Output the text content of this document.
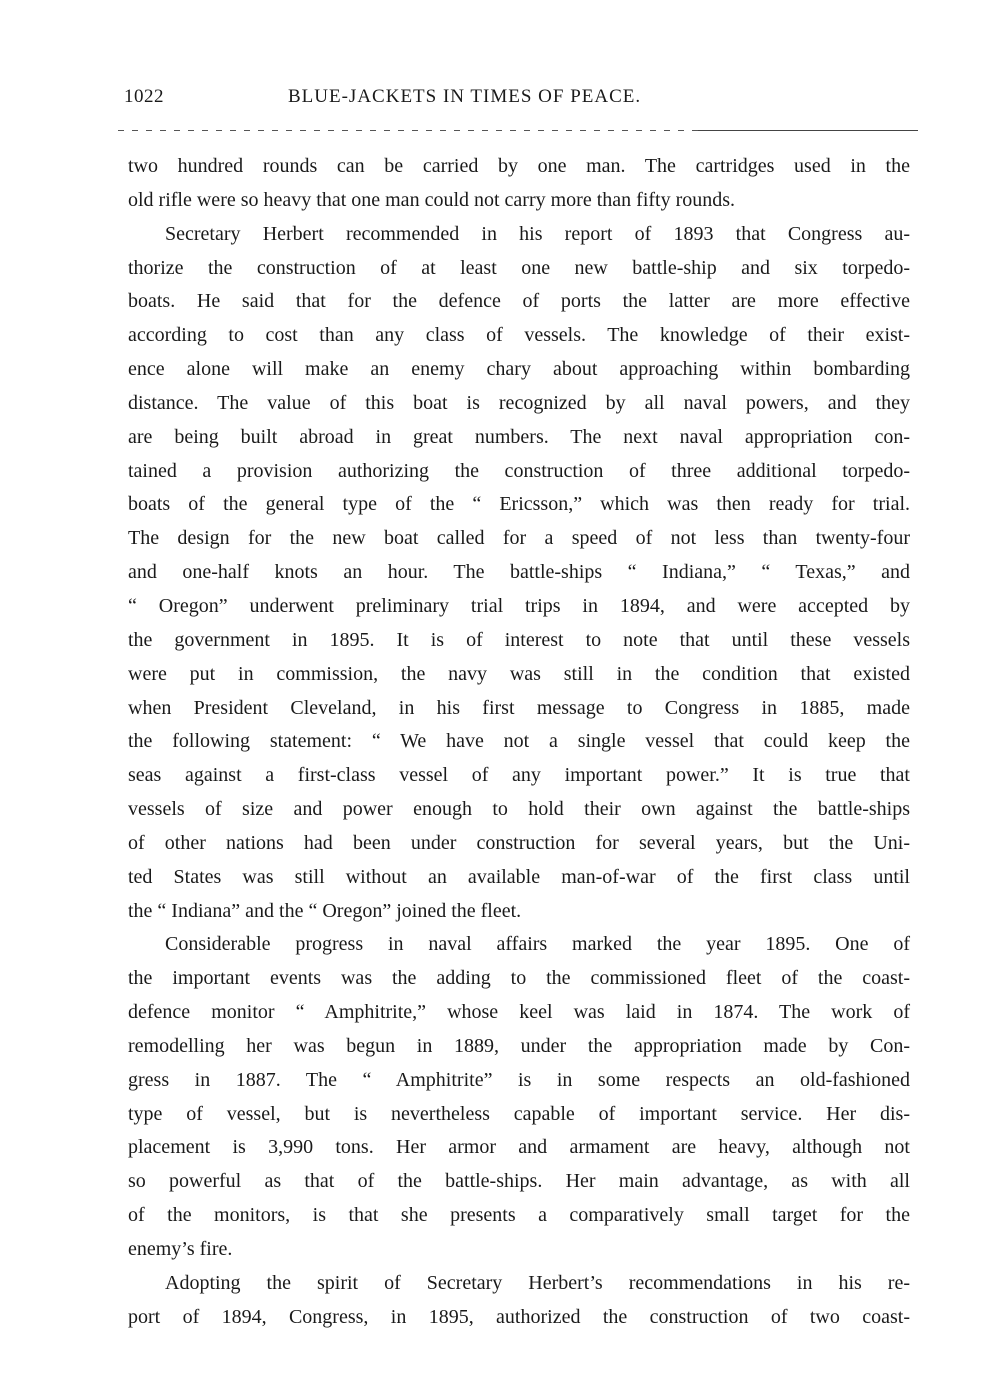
1022	BLUE-JACKETS IN TIMES OF PEACE.
two hundred rounds can be carried by one man. The cartridges used in the
old rifle were so heavy that one man could not carry more than fifty rounds.
Secretary Herbert recommended in his report of 1893 that Congress au-
thorize the construction of at least one new battle-ship and six torpedo-
boats. He said that for the defence of ports the latter are more effective
according to cost than any class of vessels. The knowledge of their exist-
ence alone will make an enemy chary about approaching within bombarding
distance. The value of this boat is recognized by all naval powers, and they
are being built abroad in great numbers. The next naval appropriation con-
tained a provision authorizing the construction of three additional torpedo-
boats of the general type of the “ Ericsson,” which was then ready for trial.
The design for the new boat called for a speed of not less than twenty-four
and one-half knots an hour. The battle-ships “ Indiana,” “ Texas,” and
“ Oregon” underwent preliminary trial trips in 1894, and were accepted by
the government in 1895. It is of interest to note that until these vessels
were put in commission, the navy was still in the condition that existed
when President Cleveland, in his first message to Congress in 1885, made
the following statement: “ We have not a single vessel that could keep the
seas against a first-class vessel of any important power.” It is true that
vessels of size and power enough to hold their own against the battle-ships
of other nations had been under construction for several years, but the Uni-
ted States was still without an available man-of-war of the first class until
the “ Indiana” and the “ Oregon” joined the fleet.
Considerable progress in naval affairs marked the year 1895. One of
the important events was the adding to the commissioned fleet of the coast-
defence monitor “ Amphitrite,” whose keel was laid in 1874. The work of
remodelling her was begun in 1889, under the appropriation made by Con-
gress in 1887. The “ Amphitrite” is in some respects an old-fashioned
type of vessel, but is nevertheless capable of important service. Her dis-
placement is 3,990 tons. Her armor and armament are heavy, although not
so powerful as that of the battle-ships. Her main advantage, as with all
of the monitors, is that she presents a comparatively small target for the
enemy’s fire.
Adopting the spirit of Secretary Herbert’s recommendations in his re-
port of 1894, Congress, in 1895, authorized the construction of two coast-
